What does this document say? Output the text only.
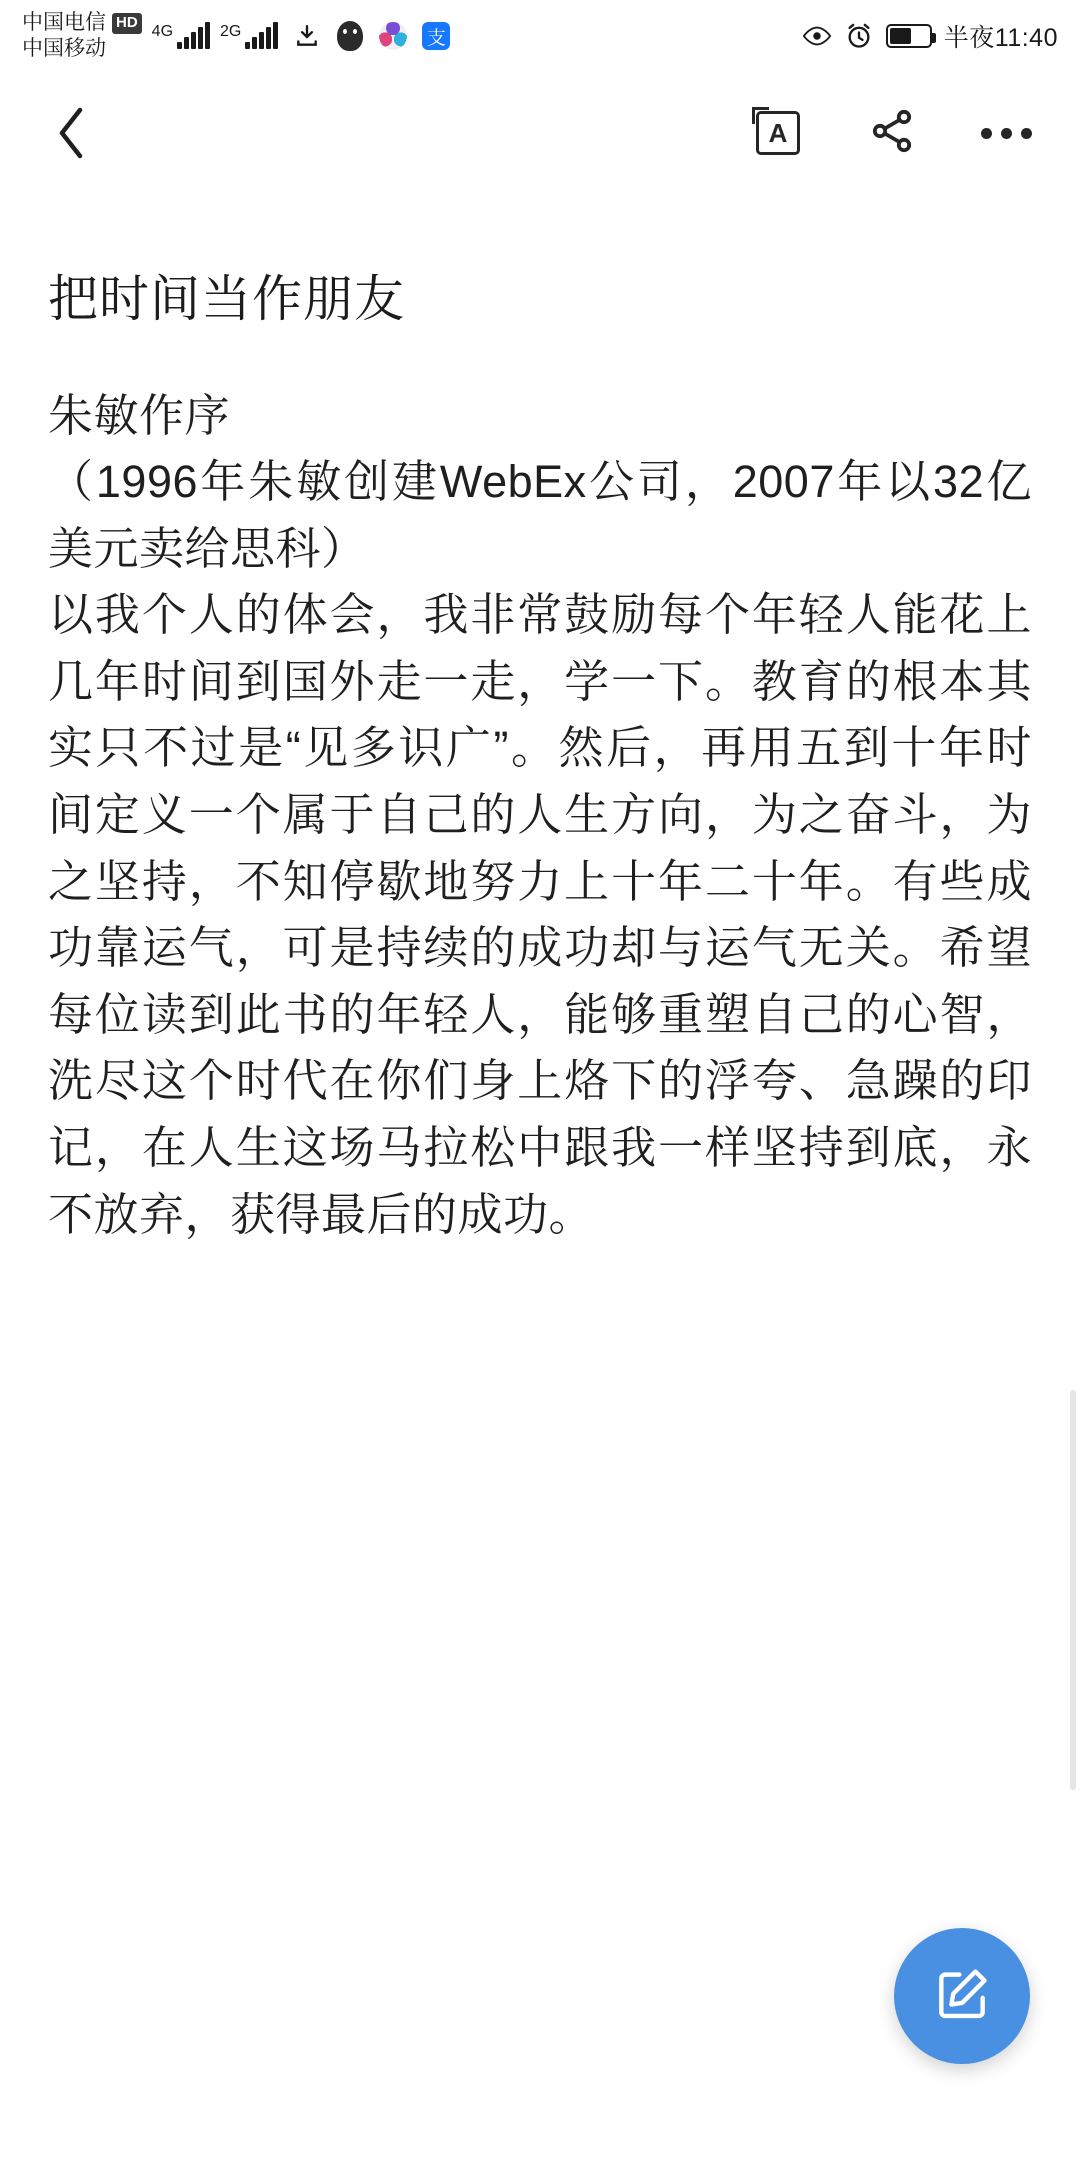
中国电信 HD
中国移动
4G	2G	支	半夜11:40
A
把时间当作朋友
朱敏作序
（1996年朱敏创建WebEx公司，2007年以32亿美元卖给思科）
以我个人的体会，我非常鼓励每个年轻人能花上几年时间到国外走一走，学一下。教育的根本其实只不过是“见多识广”。然后，再用五到十年时间定义一个属于自己的人生方向，为之奋斗，为之坚持，不知停歇地努力上十年二十年。有些成功靠运气，可是持续的成功却与运气无关。希望每位读到此书的年轻人，能够重塑自己的心智，洗尽这个时代在你们身上烙下的浮夸、急躁的印记，在人生这场马拉松中跟我一样坚持到底，永不放弃，获得最后的成功。
